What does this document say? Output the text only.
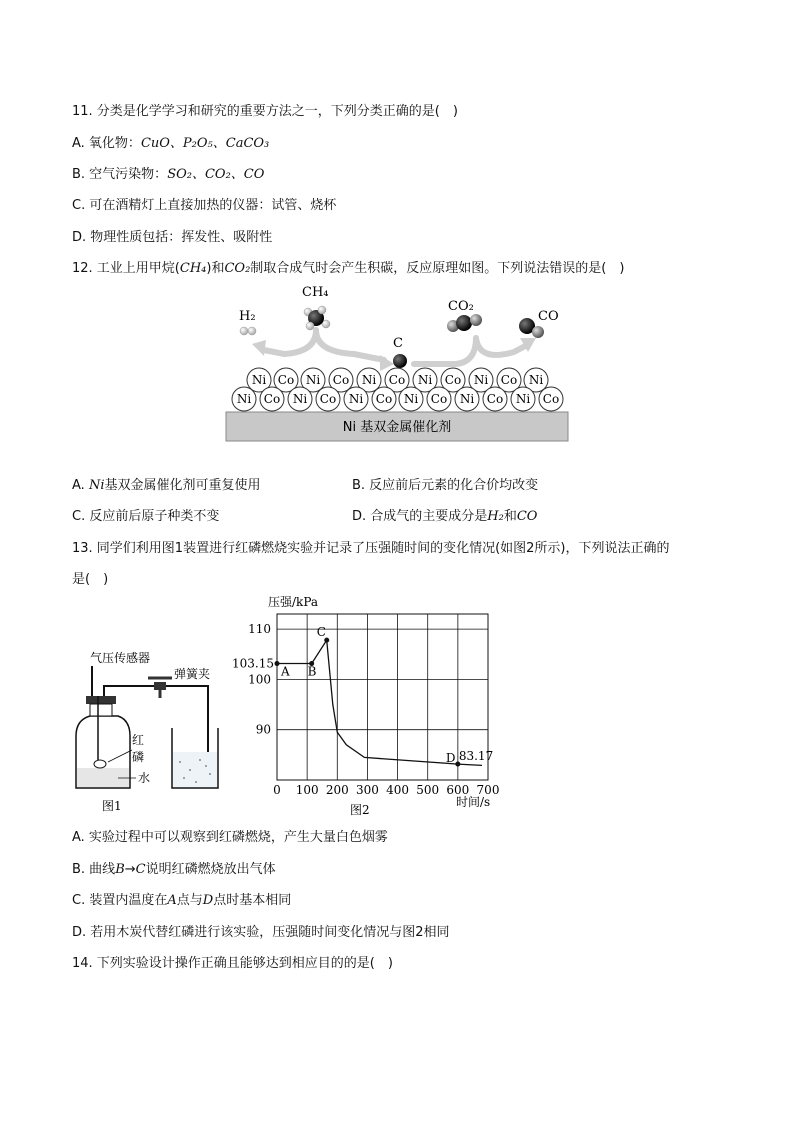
11. 分类是化学学习和研究的重要方法之一，下列分类正确的是(　)
A. 氧化物：CuO、P₂O₅、CaCO₃
B. 空气污染物：SO₂、CO₂、CO
C. 可在酒精灯上直接加热的仪器：试管、烧杯
D. 物理性质包括：挥发性、吸附性
12. 工业上用甲烷(CH₄)和CO₂制取合成气时会产生积碳，反应原理如图。下列说法错误的是(　)
H₂
CH₄
C
CO₂
CO
Ni Co Ni Co Ni Co Ni Co Ni Co Ni
Ni Co Ni Co Ni Co Ni Co Ni Co Ni Co
Ni 基双金属催化剂
A. Ni基双金属催化剂可重复使用	B. 反应前后元素的化合价均改变
C. 反应前后原子种类不变	D. 合成气的主要成分是H₂和CO
13. 同学们利用图1装置进行红磷燃烧实验并记录了压强随时间的变化情况(如图2所示)，下列说法正确的
是(　)
气压传感器
弹簧夹
红
磷
水
图1
压强/kPa
时间/s
图2
0 100 200 300 400 500 600 700
110
100
90
A B
C
D
103.15
83.17
A. 实验过程中可以观察到红磷燃烧，产生大量白色烟雾
B. 曲线B→C说明红磷燃烧放出气体
C. 装置内温度在A点与D点时基本相同
D. 若用木炭代替红磷进行该实验，压强随时间变化情况与图2相同
14. 下列实验设计操作正确且能够达到相应目的的是(　)
